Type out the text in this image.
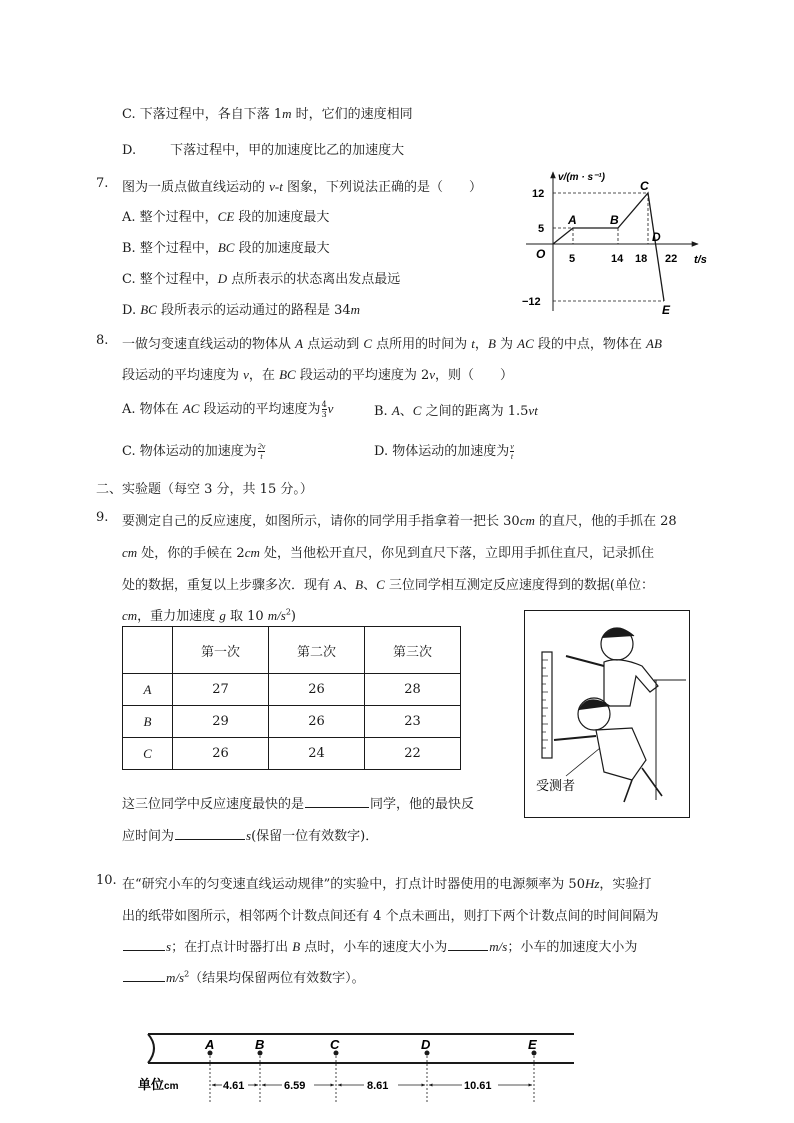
C. 下落过程中，各自下落 1m 时，它们的速度相同
D.	下落过程中，甲的加速度比乙的加速度大
7. 图为一质点做直线运动的 v-t 图象，下列说法正确的是（　　）
A. 整个过程中，CE 段的加速度最大
B. 整个过程中，BC 段的加速度最大
C. 整个过程中，D 点所表示的状态离出发点最远
D. BC 段所表示的运动通过的路程是 34m
v/(m · s⁻¹)
t/s
O
12
5
−12
5	14 18 22
A	B
C
D
E
8. 一做匀变速直线运动的物体从 A 点运动到 C 点所用的时间为 t，B 为 AC 段的中点，物体在 AB
段运动的平均速度为 v，在 BC 段运动的平均速度为 2v，则（　　）
A. 物体在 AC 段运动的平均速度为 $\frac{4}{3}$ v	B. A、C 之间的距离为 1.5vt
C. 物体运动的加速度为 $\frac{2v}{t}$	D. 物体运动的加速度为 $\frac{v}{t}$
二、实验题（每空 3 分，共 15 分。）
9. 要测定自己的反应速度，如图所示，请你的同学用手指拿着一把长 30cm 的直尺，他的手抓在 28
cm 处，你的手候在 2cm 处，当他松开直尺，你见到直尺下落，立即用手抓住直尺，记录抓住
处的数据，重复以上步骤多次．现有 A、B、C 三位同学相互测定反应速度得到的数据(单位：
cm，重力加速度 g 取 10 $m/s^2$)
	第一次	第二次	第三次
A	27	26	28
B	29	26	23
C	26	24	22
受测者
这三位同学中反应速度最快的是	同学，他的最快反
应时间为	s(保留一位有效数字)．
10. 在“研究小车的匀变速直线运动规律”的实验中，打点计时器使用的电源频率为 50Hz，实验打
出的纸带如图所示，相邻两个计数点间还有 4 个点未画出，则打下两个计数点间的时间间隔为
s；在打点计时器打出 B 点时，小车的速度大小为	m/s；小车的加速度大小为
$m/s^2$（结果均保留两位有效数字）。
A	B	C	D	E
单位cm	4.61	6.59	8.61	10.61
